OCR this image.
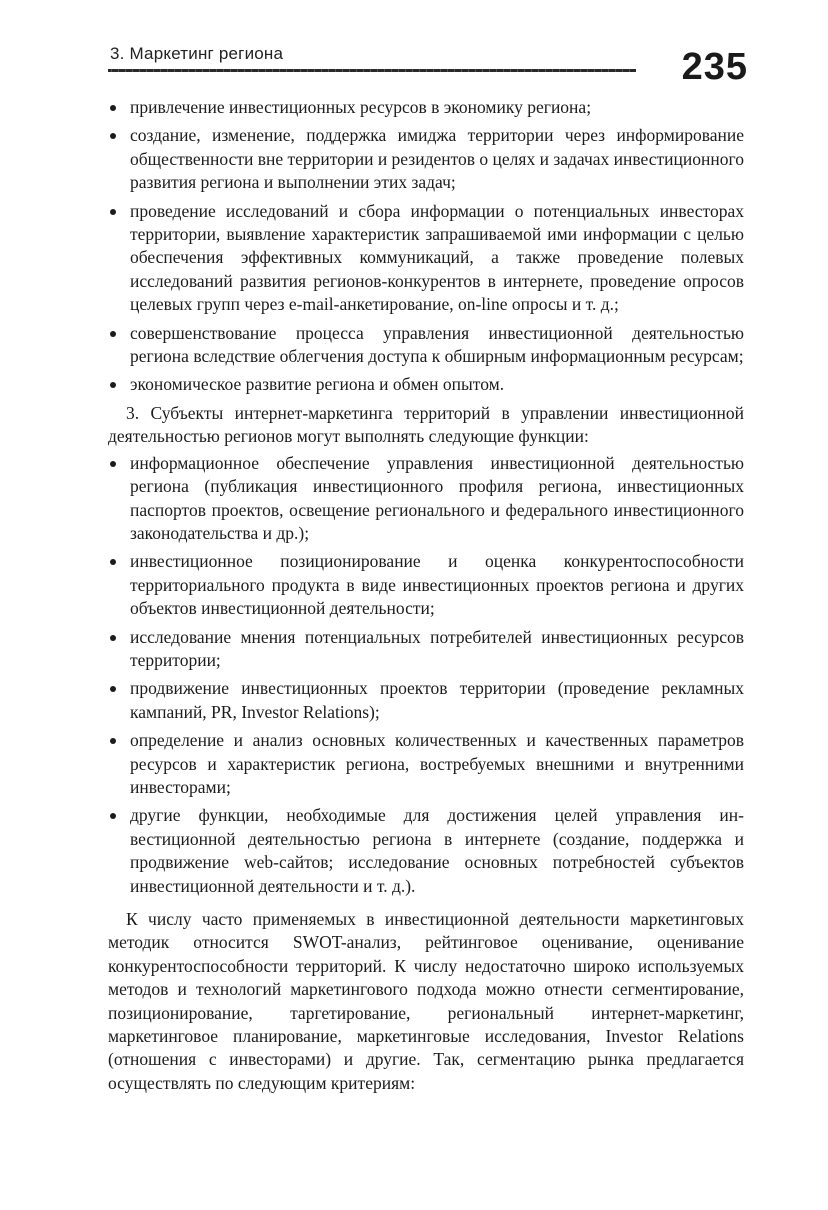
3. Маркетинг региона	235
привлечение инвестиционных ресурсов в экономику региона;
создание, изменение, поддержка имиджа территории через информирование общественности вне территории и резидентов о целях и задачах инвестиционного развития региона и выполнении этих задач;
проведение исследований и сбора информации о потенциальных инвесторах территории, выявление характеристик запрашиваемой ими информации с целью обеспечения эффективных коммуникаций, а также проведение полевых исследований развития регионов-конкурентов в интернете, проведение опросов целевых групп через e-mail-анкетирование, on-line опросы и т. д.;
совершенствование процесса управления инвестиционной деятельностью региона вследствие облегчения доступа к обширным информационным ресурсам;
экономическое развитие региона и обмен опытом.

3. Субъекты интернет-маркетинга территорий в управлении инвестиционной деятельностью регионов могут выполнять следующие функции:

информационное обеспечение управления инвестиционной деятельностью региона (публикация инвестиционного профиля региона, инвестиционных паспортов проектов, освещение регионального и федерального инвестиционного законодательства и др.);
инвестиционное позиционирование и оценка конкурентоспособности территориального продукта в виде инвестиционных проектов региона и других объектов инвестиционной деятельности;
исследование мнения потенциальных потребителей инвестиционных ресурсов территории;
продвижение инвестиционных проектов территории (проведение рекламных кампаний, PR, Investor Relations);
определение и анализ основных количественных и качественных параметров ресурсов и характеристик региона, востребуемых внешними и внутренними инвесторами;
другие функции, необходимые для достижения целей управления инвестиционной деятельностью региона в интернете (создание, поддержка и продвижение web-сайтов; исследование основных потребностей субъектов инвестиционной деятельности и т. д.).

К числу часто применяемых в инвестиционной деятельности маркетинговых методик относится SWOT-анализ, рейтинговое оценивание, оценивание конкурентоспособности территорий. К числу недостаточно широко используемых методов и технологий маркетингового подхода можно отнести сегментирование, позиционирование, таргетирование, региональный интернет-маркетинг, маркетинговое планирование, маркетинговые исследования, Investor Relations (отношения с инвесторами) и другие. Так, сегментацию рынка предлагается осуществлять по следующим критериям:
